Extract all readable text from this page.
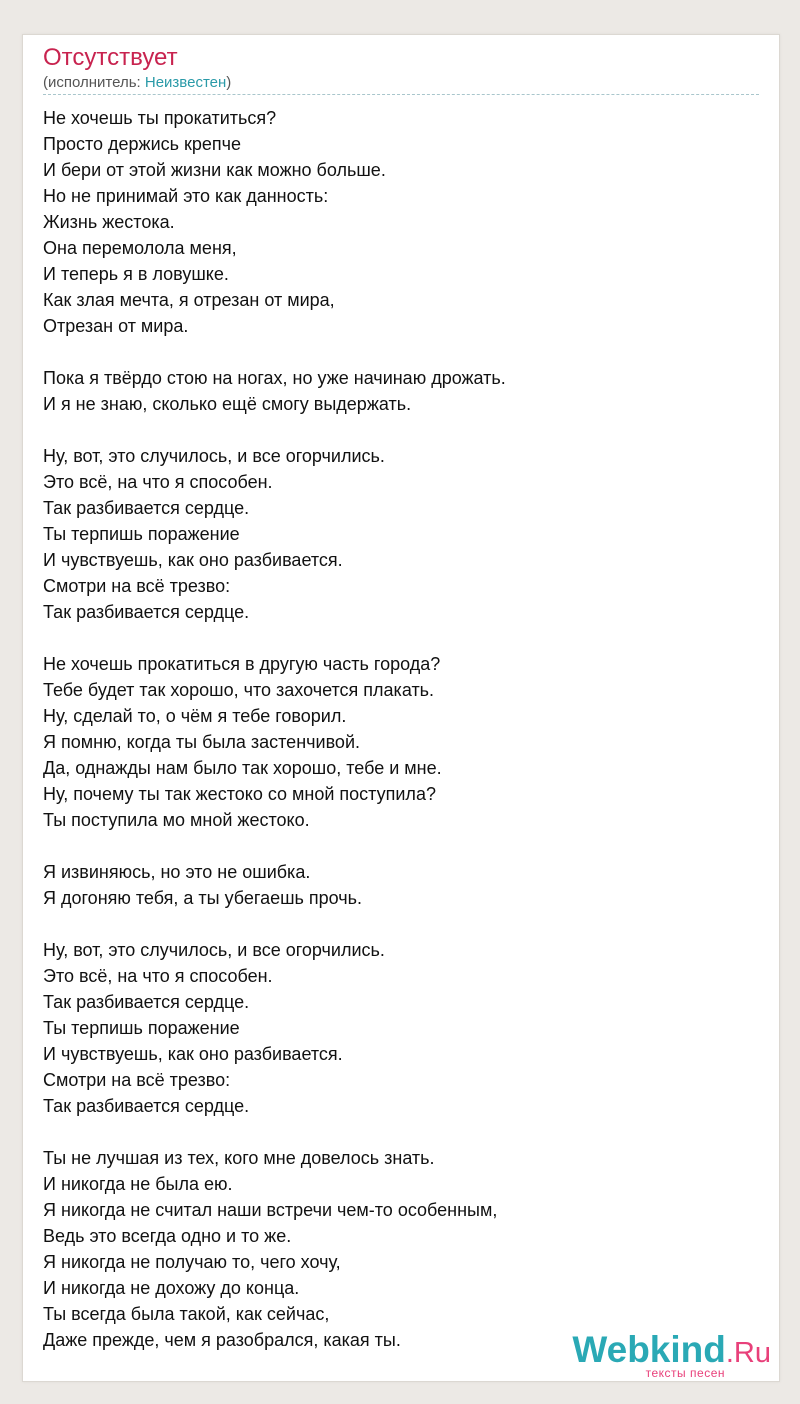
Отсутствует
(исполнитель: Неизвестен)
Не хочешь ты прокатиться?
Просто держись крепче
И бери от этой жизни как можно больше.
Но не принимай это как данность:
Жизнь жестока.
Она перемолола меня,
И теперь я в ловушке.
Как злая мечта, я отрезан от мира,
Отрезан от мира.
Пока я твёрдо стою на ногах, но уже начинаю дрожать.
И я не знаю, сколько ещё смогу выдержать.
Ну, вот, это случилось, и все огорчились.
Это всё, на что я способен.
Так разбивается сердце.
Ты терпишь поражение
И чувствуешь, как оно разбивается.
Смотри на всё трезво:
Так разбивается сердце.
Не хочешь прокатиться в другую часть города?
Тебе будет так хорошо, что захочется плакать.
Ну, сделай то, о чём я тебе говорил.
Я помню, когда ты была застенчивой.
Да, однажды нам было так хорошо, тебе и мне.
Ну, почему ты так жестоко со мной поступила?
Ты поступила мо мной жестоко.
Я извиняюсь, но это не ошибка.
Я догоняю тебя, а ты убегаешь прочь.
Ну, вот, это случилось, и все огорчились.
Это всё, на что я способен.
Так разбивается сердце.
Ты терпишь поражение
И чувствуешь, как оно разбивается.
Смотри на всё трезво:
Так разбивается сердце.
Ты не лучшая из тех, кого мне довелось знать.
И никогда не была ею.
Я никогда не считал наши встречи чем-то особенным,
Ведь это всегда одно и то же.
Я никогда не получаю то, чего хочу,
И никогда не дохожу до конца.
Ты всегда была такой, как сейчас,
Даже прежде, чем я разобрался, какая ты.	Webkind.Ru
тексты песен
